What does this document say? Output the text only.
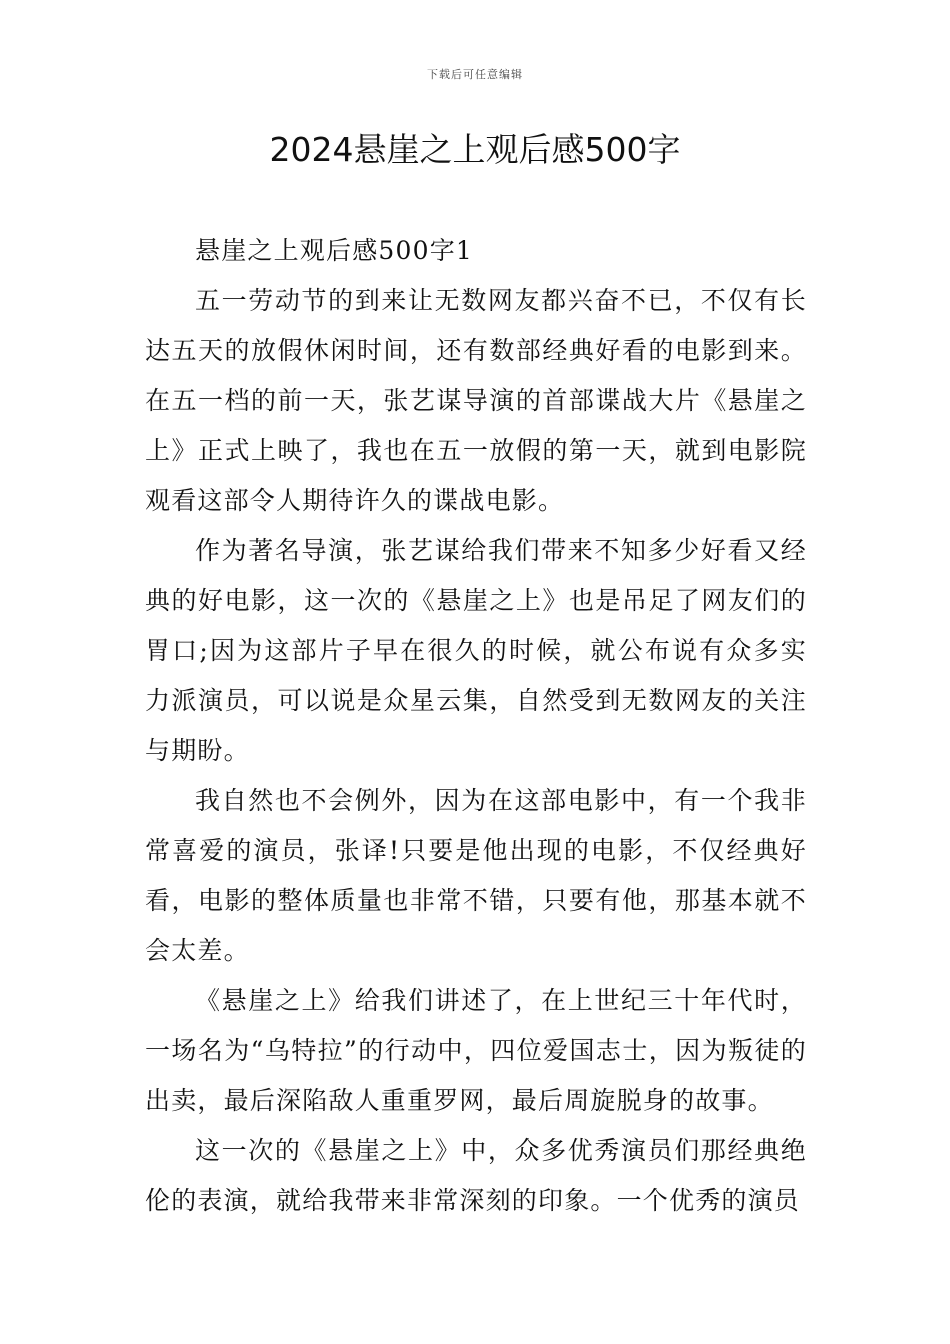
下载后可任意编辑
2024悬崖之上观后感500字

悬崖之上观后感500字1

五一劳动节的到来让无数网友都兴奋不已，不仅有长达五天的放假休闲时间，还有数部经典好看的电影到来。在五一档的前一天，张艺谋导演的首部谍战大片《悬崖之上》正式上映了，我也在五一放假的第一天，就到电影院观看这部令人期待许久的谍战电影。

作为著名导演，张艺谋给我们带来不知多少好看又经典的好电影，这一次的《悬崖之上》也是吊足了网友们的胃口;因为这部片子早在很久的时候，就公布说有众多实力派演员，可以说是众星云集，自然受到无数网友的关注与期盼。

我自然也不会例外，因为在这部电影中，有一个我非常喜爱的演员，张译!只要是他出现的电影，不仅经典好看，电影的整体质量也非常不错，只要有他，那基本就不会太差。

《悬崖之上》给我们讲述了，在上世纪三十年代时，一场名为“乌特拉”的行动中，四位爱国志士，因为叛徒的出卖，最后深陷敌人重重罗网，最后周旋脱身的故事。

这一次的《悬崖之上》中，众多优秀演员们那经典绝伦的表演，就给我带来非常深刻的印象。一个优秀的演员
